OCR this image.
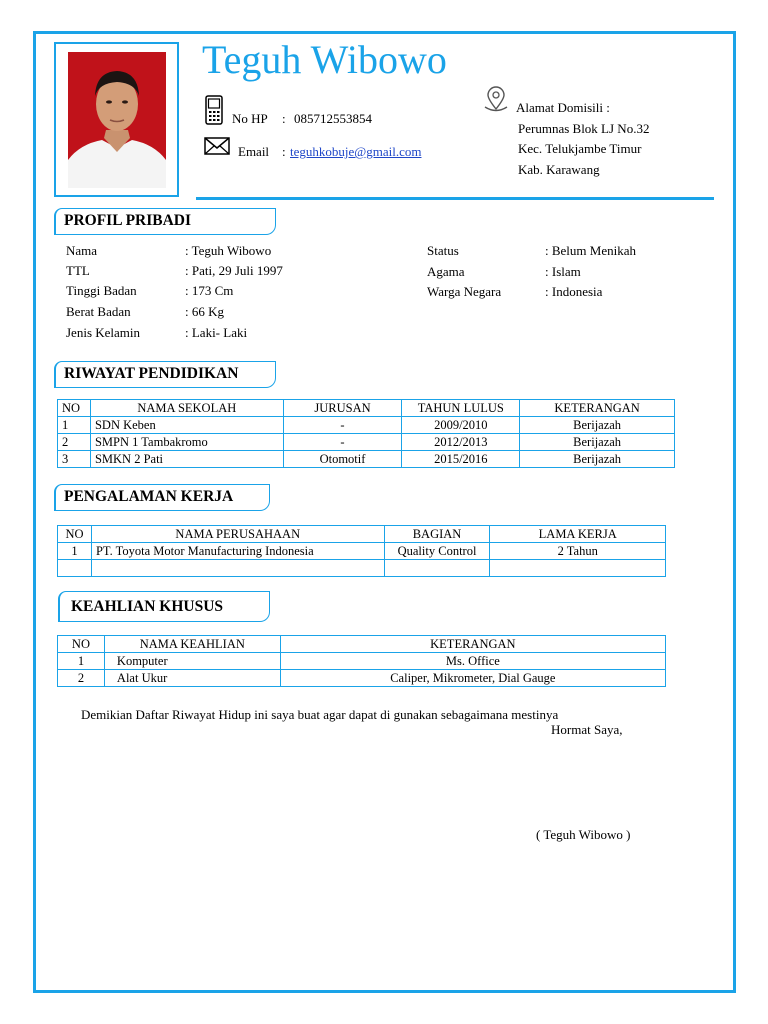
Teguh Wibowo
No HP : 085712553854
Email : teguhkobuje@gmail.com
Alamat Domisili :
Perumnas Blok LJ No.32
Kec. Telukjambe Timur
Kab. Karawang
PROFIL PRIBADI
Nama	: Teguh Wibowo
TTL	: Pati, 29 Juli 1997
Tinggi Badan	: 173 Cm
Berat Badan	: 66 Kg
Jenis Kelamin	: Laki- Laki
Status	: Belum Menikah
Agama	: Islam
Warga Negara	: Indonesia
RIWAYAT PENDIDIKAN
NO	NAMA SEKOLAH	JURUSAN	TAHUN LULUS	KETERANGAN
1	SDN Keben	-	2009/2010	Berijazah
2	SMPN 1 Tambakromo	-	2012/2013	Berijazah
3	SMKN 2 Pati	Otomotif	2015/2016	Berijazah
PENGALAMAN KERJA
NO	NAMA PERUSAHAAN	BAGIAN	LAMA KERJA
1	PT. Toyota Motor Manufacturing Indonesia	Quality Control	2 Tahun

KEAHLIAN KHUSUS
NO	NAMA KEAHLIAN	KETERANGAN
1	Komputer	Ms. Office
2	Alat Ukur	Caliper, Mikrometer, Dial Gauge
Demikian Daftar Riwayat Hidup ini saya buat agar dapat di gunakan sebagaimana mestinya
Hormat Saya,
( Teguh Wibowo )
